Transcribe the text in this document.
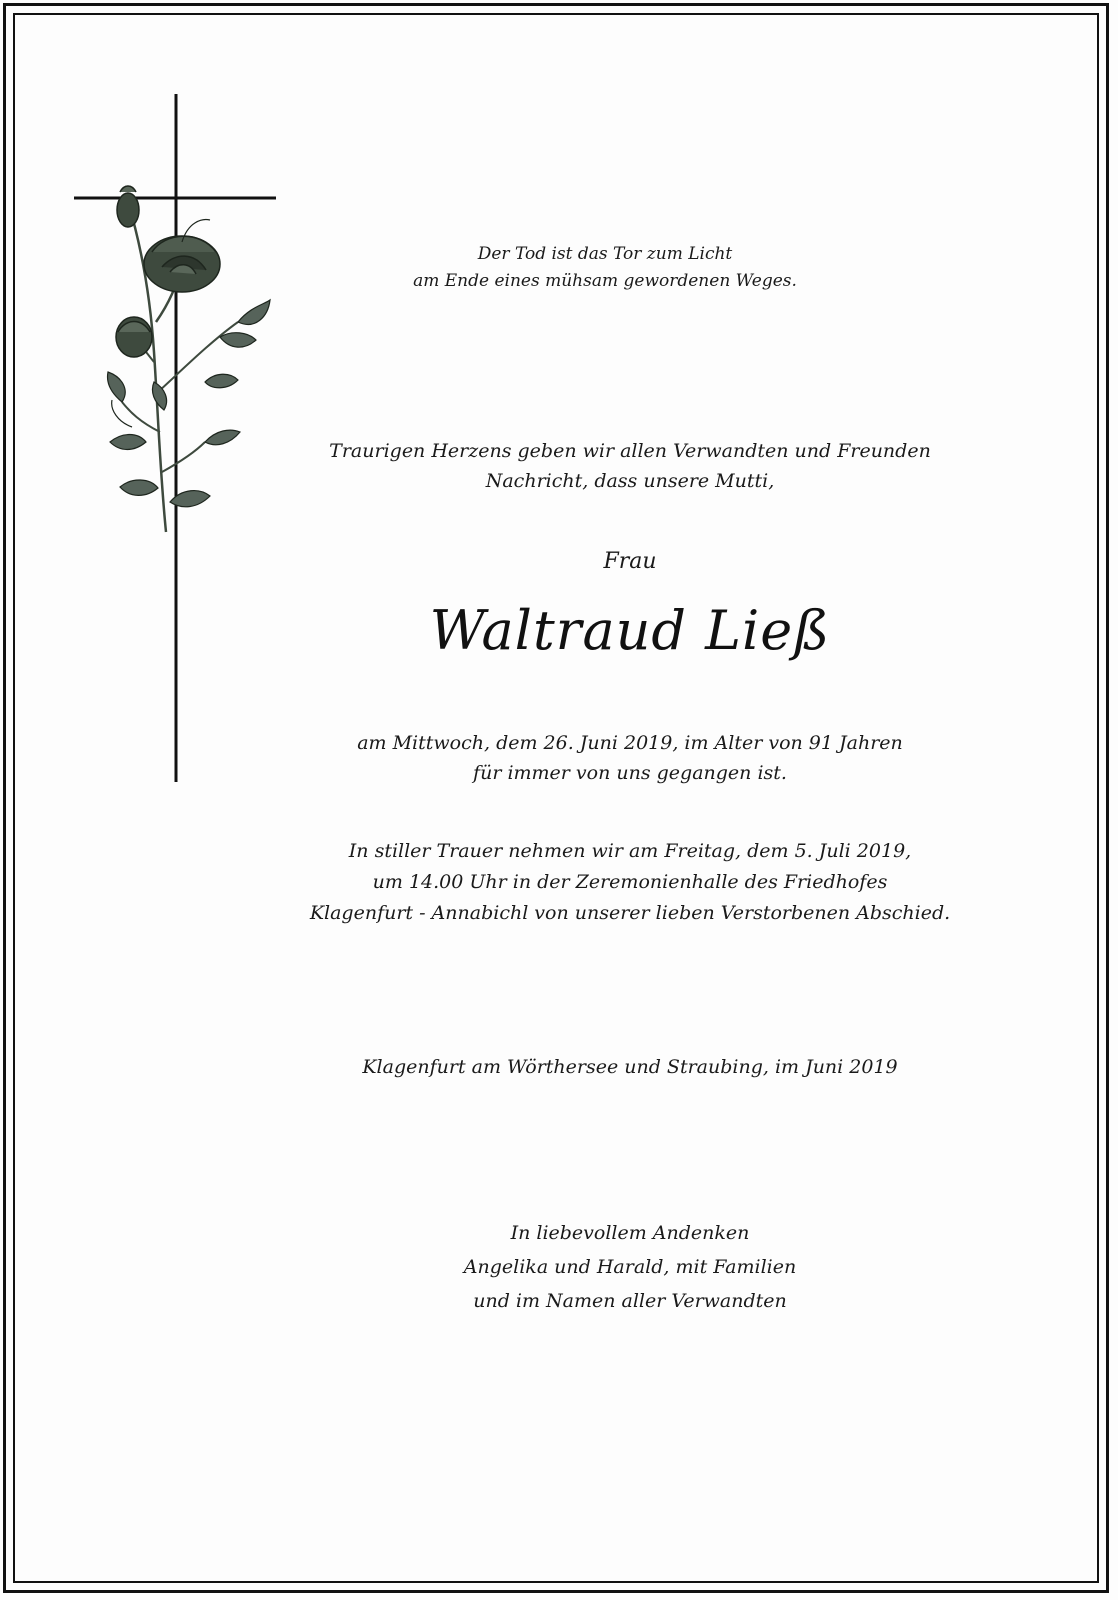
Der Tod ist das Tor zum Licht
am Ende eines mühsam gewordenen Weges.
Traurigen Herzens geben wir allen Verwandten und Freunden
Nachricht, dass unsere Mutti,
Frau
Waltraud Ließ
am Mittwoch, dem 26. Juni 2019, im Alter von 91 Jahren
für immer von uns gegangen ist.
In stiller Trauer nehmen wir am Freitag, dem 5. Juli 2019,
um 14.00 Uhr in der Zeremonienhalle des Friedhofes
Klagenfurt - Annabichl von unserer lieben Verstorbenen Abschied.
Klagenfurt am Wörthersee und Straubing, im Juni 2019
In liebevollem Andenken
Angelika und Harald, mit Familien
und im Namen aller Verwandten
